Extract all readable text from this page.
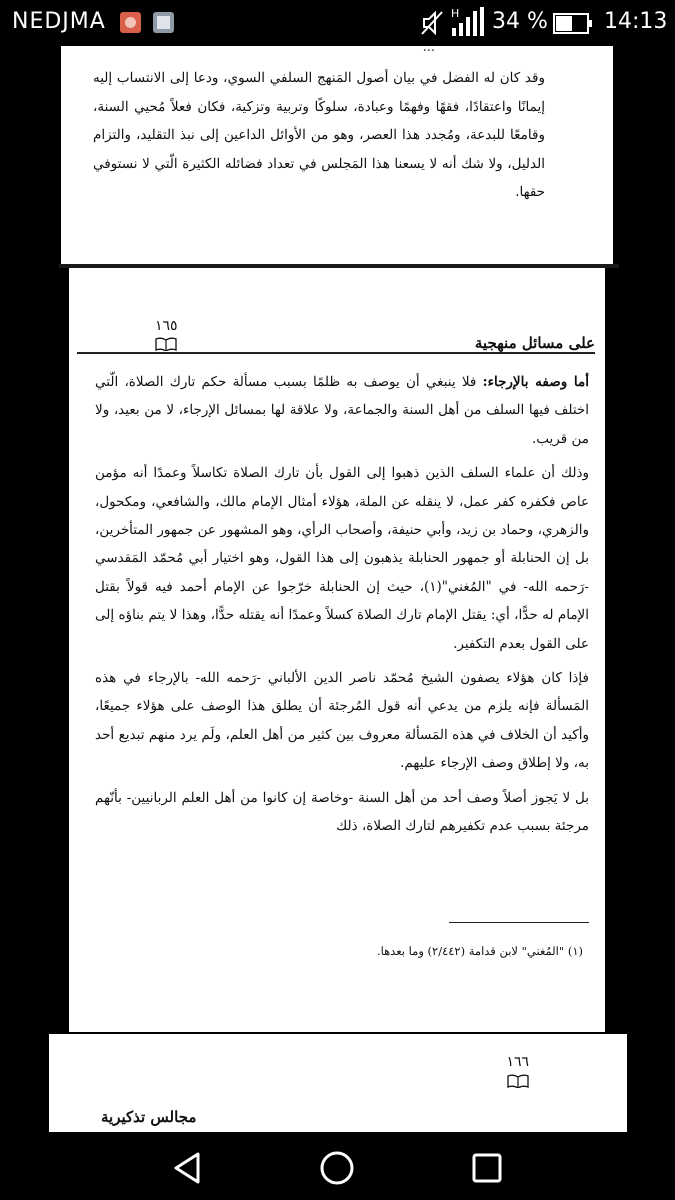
NEDJMA	H 34 %	14:13
...

وقد كان له الفضل في بيان أصول المَنهج السلفي السوي، ودعا إلى الانتساب إليه إيمانًا واعتقادًا، فقهًا وفهمًا وعبادة، سلوكًا وتربية وتزكية، فكان فعلاً مُحيي السنة، وقامعًا للبدعة، ومُجدد هذا العصر، وهو من الأوائل الداعين إلى نبذ التقليد، والتزام الدليل، ولا شك أنه لا يسعنا هذا المَجلس في تعداد فضائله الكثيرة الّتي لا نستوفي حقها.

١٦٥
على مسائل منهجية

أما وصفه بالإرجاء: فلا ينبغي أن يوصف به ظلمًا بسبب مسألة حكم تارك الصلاة، الّتي اختلف فيها السلف من أهل السنة والجماعة، ولا علاقة لها بمسائل الإرجاء، لا من بعيد، ولا من قريب.

وذلك أن علماء السلف الذين ذهبوا إلى القول بأن تارك الصلاة تكاسلاً وعمدًا أنه مؤمن عاص فكفره كفر عمل، لا ينقله عن الملة، هؤلاء أمثال الإمام مالك، والشافعي، ومكحول، والزهري، وحماد بن زيد، وأبي حنيفة، وأصحاب الرأي، وهو المشهور عن جمهور المتأخرين، بل إن الحنابلة أو جمهور الحنابلة يذهبون إلى هذا القول، وهو اختيار أبي مُحمّد المَقدسي -رَحمه الله- في "المُغني"(١)، حيث إن الحنابلة خرّجوا عن الإمام أحمد فيه قولاً بقتل الإمام له حدًّا، أي: يقتل الإمام تارك الصلاة كسلاً وعمدًا أنه يقتله حدًّا، وهذا لا يتم بناؤه إلى على القول بعدم التكفير.

فإذا كان هؤلاء يصفون الشيخ مُحمّد ناصر الدين الألباني -رَحمه الله- بالإرجاء في هذه المَسألة فإنه يلزم من يدعي أنه قول المُرجئة أن يطلق هذا الوصف على هؤلاء جميعًا، وأكيد أن الخلاف في هذه المَسألة معروف بين كثير من أهل العلم، ولَم يرد منهم تبديع أحد به، ولا إطلاق وصف الإرجاء عليهم.

بل لا يَجوز أصلاً وصف أحد من أهل السنة -وخاصة إن كانوا من أهل العلم الربانيين- بأنّهم مرجئة بسبب عدم تكفيرهم لتارك الصلاة، ذلك

(١) "المُغني" لابن قدامة (٢/٤٤٢) وما بعدها.
١٦٦
مجالس تذكيرية
